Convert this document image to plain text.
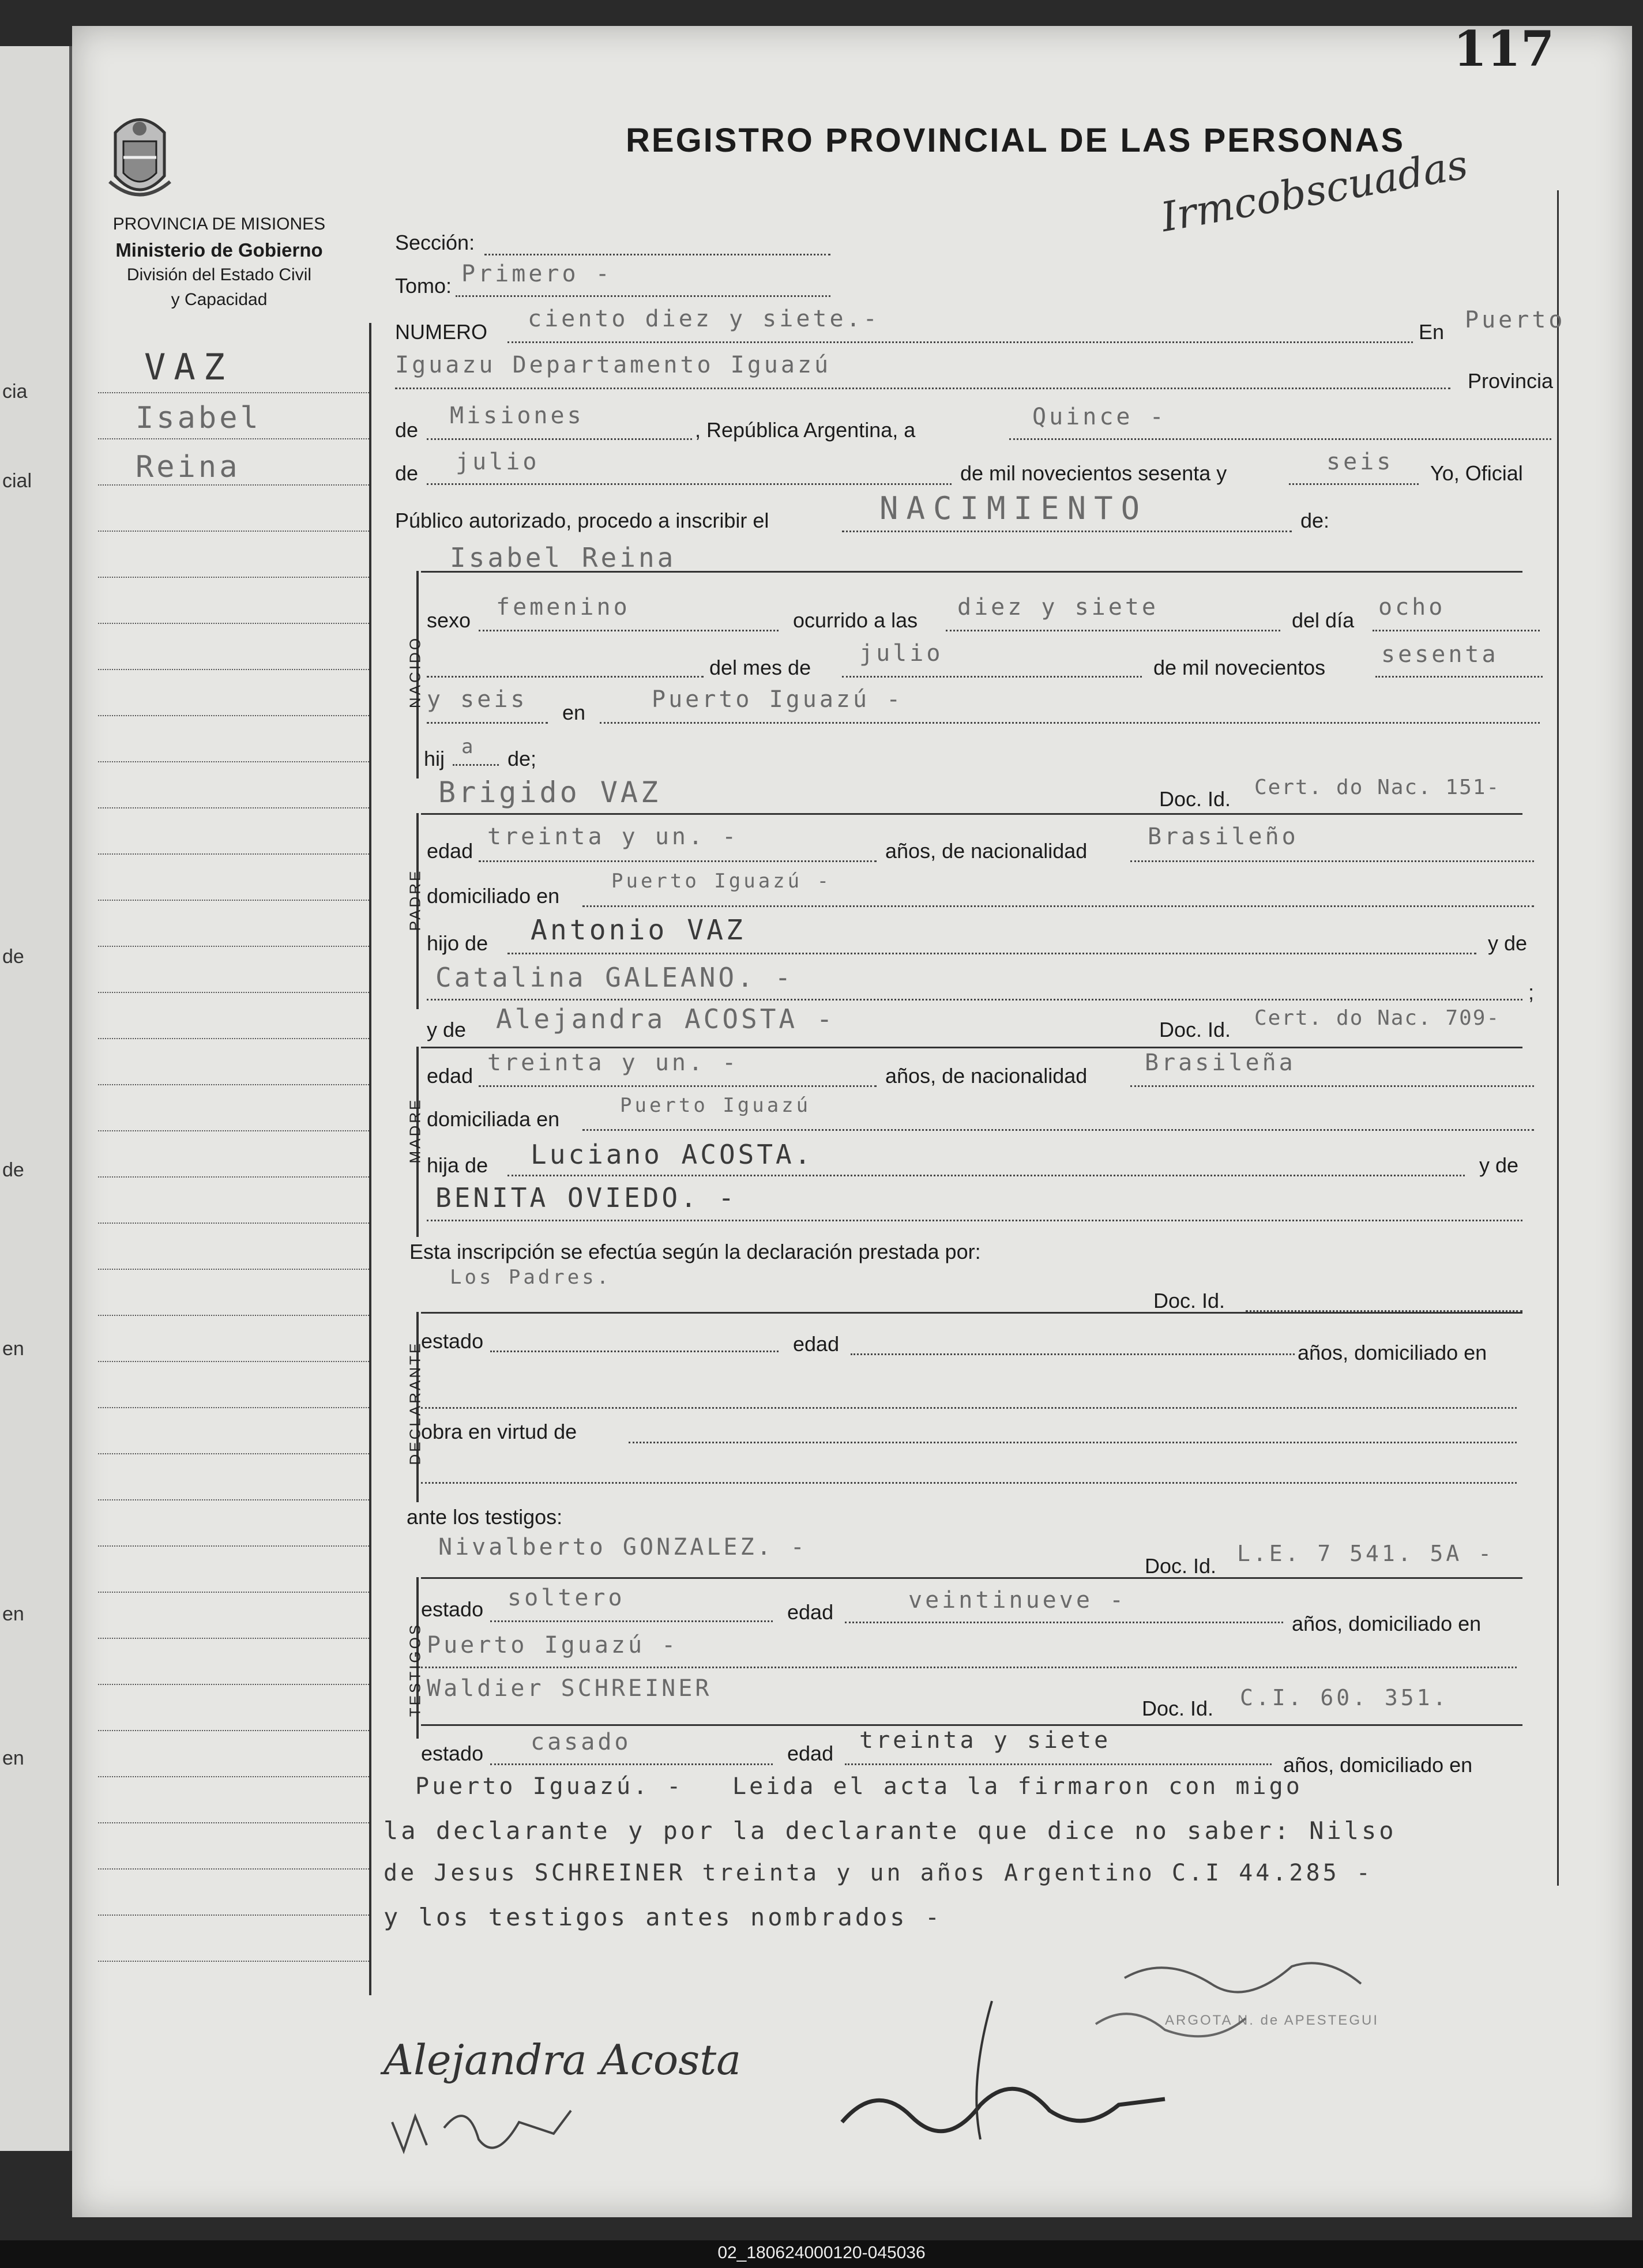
cia
cial
de
de
en
en
en
117
PROVINCIA DE MISIONES
Ministerio de Gobierno
División del Estado Civil
y Capacidad
REGISTRO PROVINCIAL DE LAS PERSONAS
Irmcobscuadas
VAZ
Isabel
Reina
Sección:
Tomo: Primero -
NUMERO ciento diez y siete.-	En Puerto
Iguazu Departamento Iguazú
Provincia
de
Misiones
, República Argentina, a	Quince -
de julio	de mil novecientos sesenta y	seis Yo, Oficial
Público autorizado, procedo a inscribir el	NACIMIENTO	de:
Isabel Reina
NACIDO
sexo femenino	ocurrido a las diez y siete	del día ocho
del mes de
julio
de mil novecientos sesenta
y seis en	Puerto Iguazú -
hij a de;
Brigido VAZ	Doc. Id. Cert. do Nac. 151-
PADRE
edad
treinta y un. -
años, de nacionalidad
Brasileño
domiciliado en
Puerto Iguazú -
hijo de Antonio VAZ	y de
Catalina GALEANO. -	;
y de Alejandra ACOSTA -	Doc. Id. Cert. do Nac. 709-
MADRE
edad treinta y un. -	años, de nacionalidad Brasileña
domiciliada en
Puerto Iguazú
hija de Luciano ACOSTA.	y de
BENITA OVIEDO. -
Esta inscripción se efectúa según la declaración prestada por:
Los Padres.
Doc. Id.
DECLARANTE
estado	edad	años, domiciliado en
obra en virtud de
ante los testigos:
Nivalberto GONZALEZ. -
Doc. Id. L.E. 7 541. 5A -
TESTIGOS
estado soltero
edad	veintinueve -
años, domiciliado en
Puerto Iguazú -
Waldier SCHREINER
Doc. Id. C.I. 60. 351.
estado casado	edad treinta y siete
años, domiciliado en
Puerto Iguazú. - Leida el acta la firmaron con migo
la declarante y por la declarante que dice no saber: Nilso
de Jesus SCHREINER treinta y un años Argentino C.I 44.285 -
y los testigos antes nombrados -
Alejandra Acosta
ARGOTA N. de APESTEGUI
02_180624000120-045036
